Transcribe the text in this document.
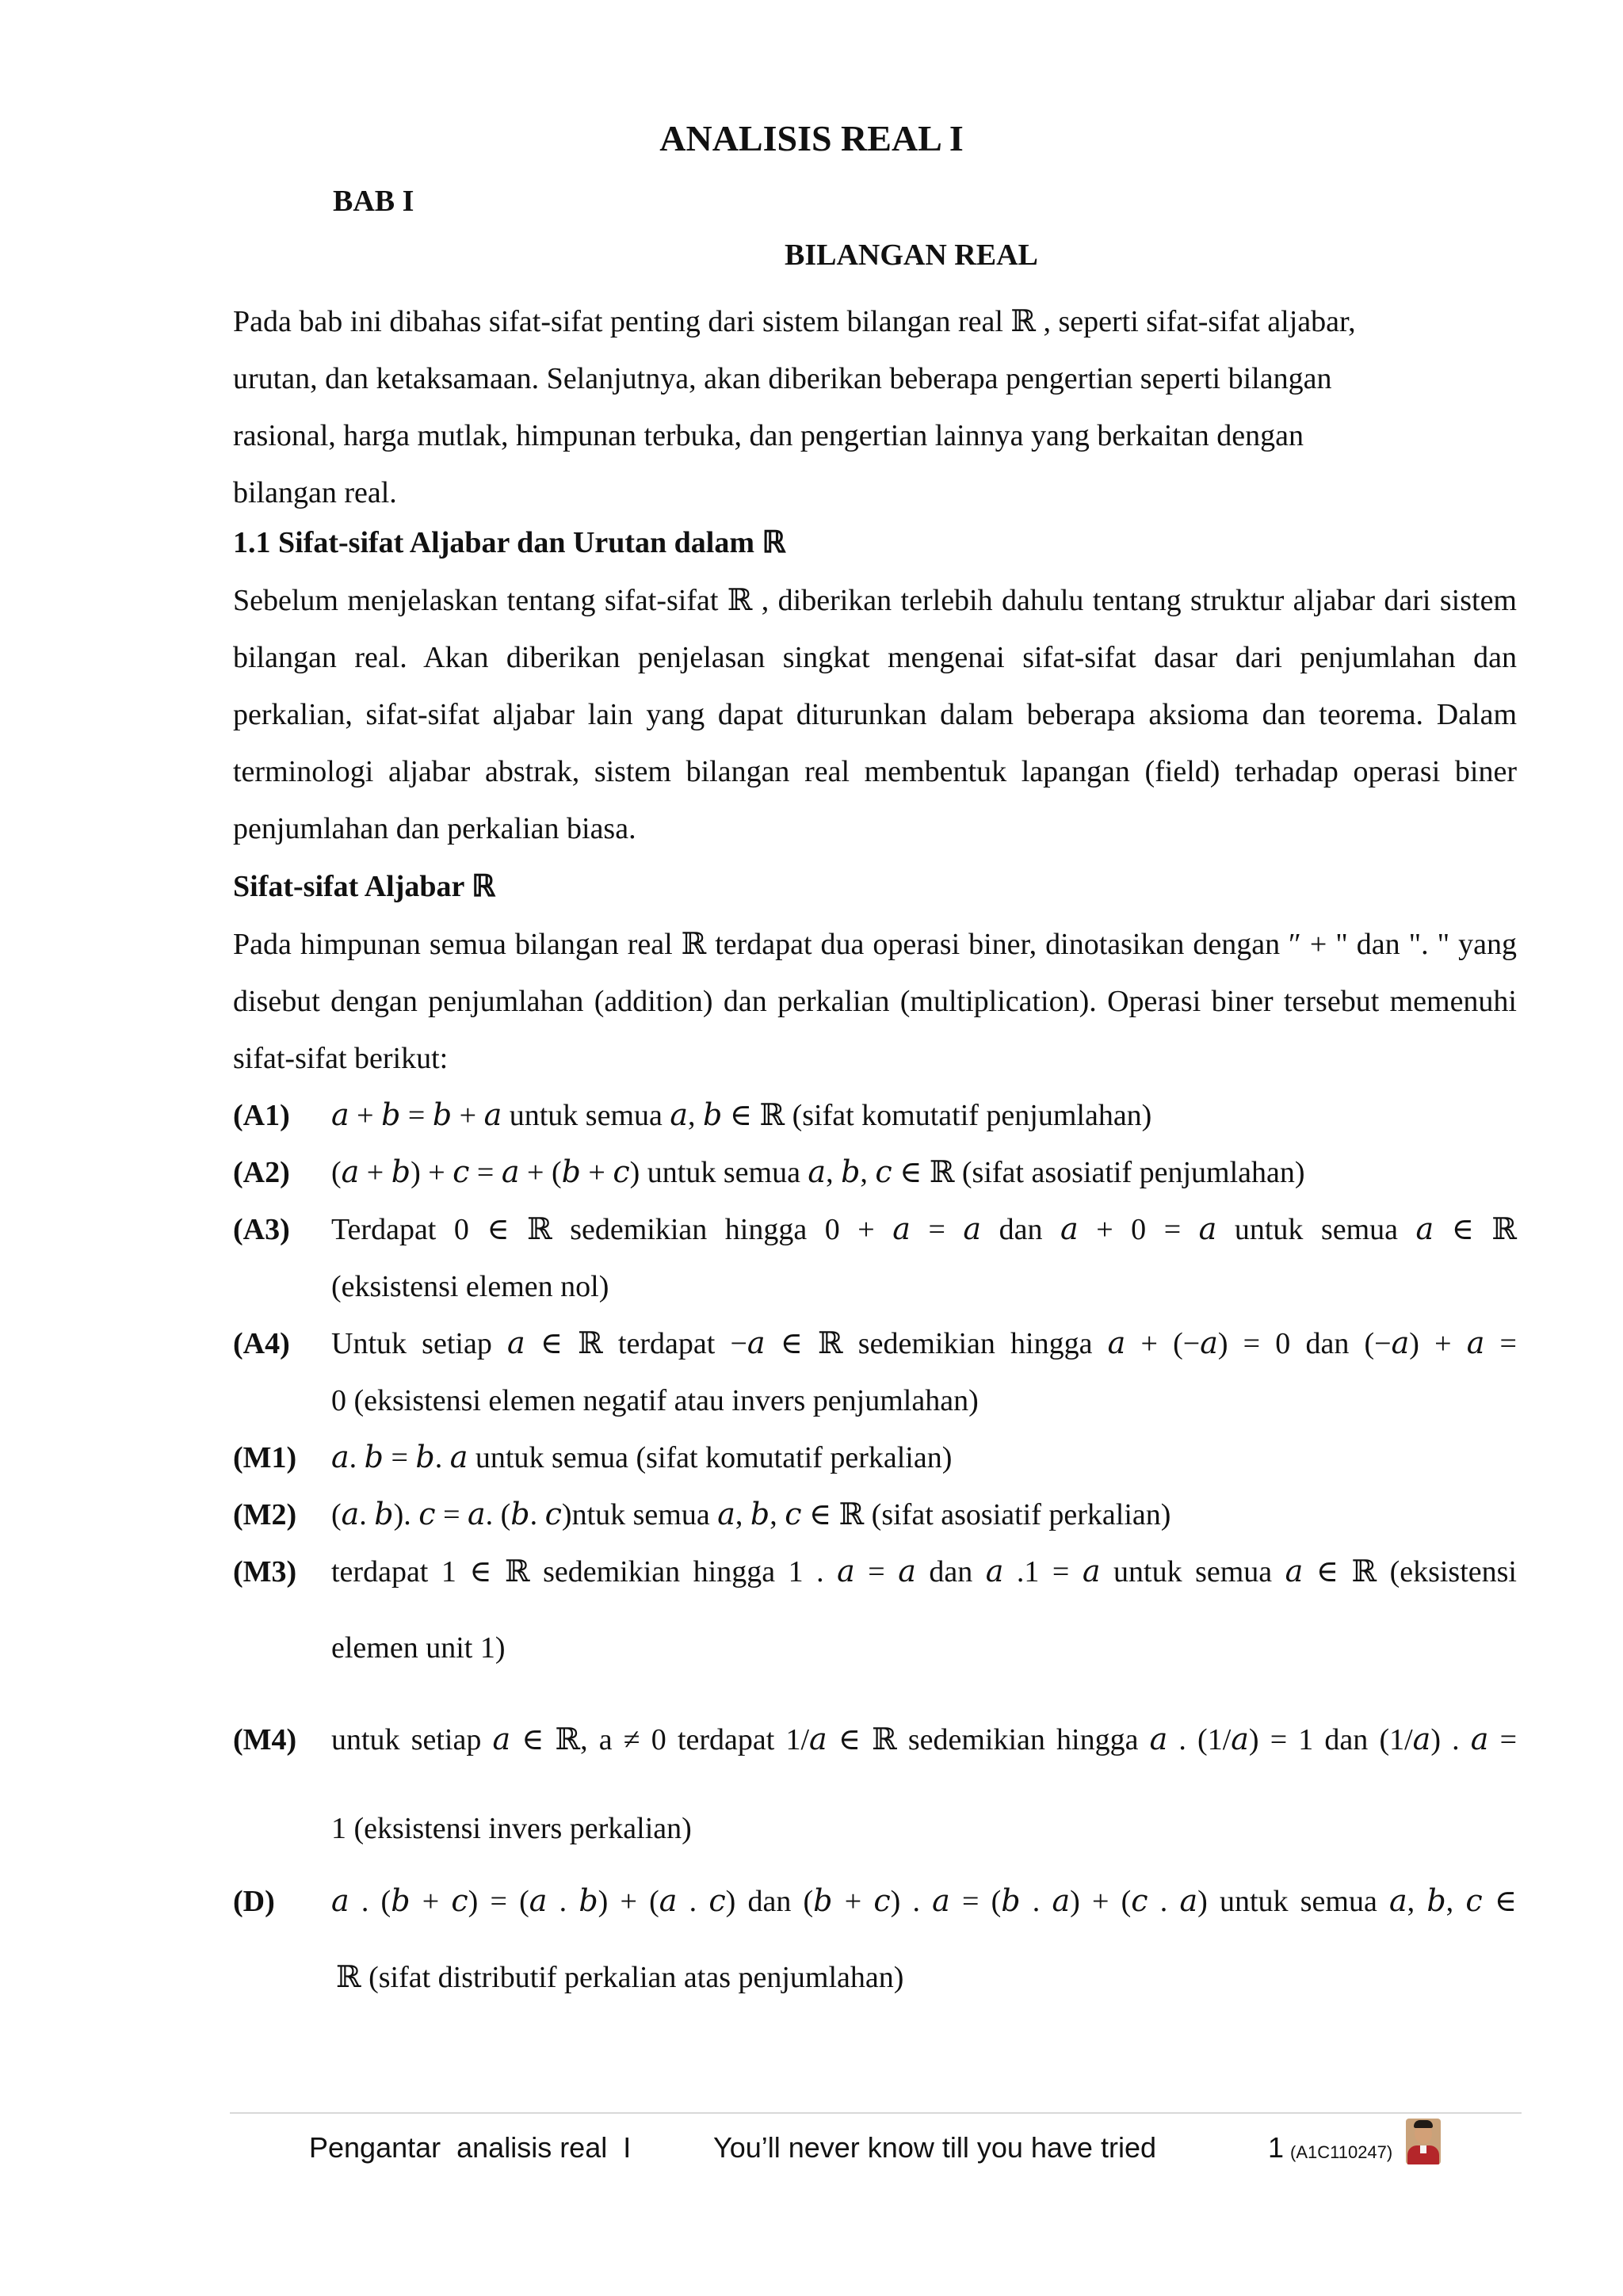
ANALISIS REAL I
BAB I
BILANGAN REAL
Pada bab ini dibahas sifat-sifat penting dari sistem bilangan real ℝ , seperti sifat-sifat aljabar,
urutan, dan ketaksamaan. Selanjutnya, akan diberikan beberapa pengertian seperti bilangan
rasional, harga mutlak, himpunan terbuka, dan pengertian lainnya yang berkaitan dengan
bilangan real.
1.1 Sifat-sifat Aljabar dan Urutan dalam ℝ
Sebelum menjelaskan tentang sifat-sifat ℝ , diberikan terlebih dahulu tentang struktur aljabar dari sistem bilangan real. Akan diberikan penjelasan singkat mengenai sifat-sifat dasar dari penjumlahan dan perkalian, sifat-sifat aljabar lain yang dapat diturunkan dalam beberapa aksioma dan teorema. Dalam terminologi aljabar abstrak, sistem bilangan real membentuk lapangan (field) terhadap operasi biner penjumlahan dan perkalian biasa.
Sifat-sifat Aljabar ℝ
Pada himpunan semua bilangan real ℝ terdapat dua operasi biner, dinotasikan dengan ″ + " dan ". " yang disebut dengan penjumlahan (addition) dan perkalian (multiplication). Operasi biner tersebut memenuhi sifat-sifat berikut:
(A1) 𝑎 + 𝑏 = 𝑏 + 𝑎 untuk semua 𝑎, 𝑏 ∈ ℝ (sifat komutatif penjumlahan)
(A2) (𝑎 + 𝑏) + 𝑐 = 𝑎 + (𝑏 + 𝑐) untuk semua 𝑎, 𝑏, 𝑐 ∈ ℝ (sifat asosiatif penjumlahan)
(A3) Terdapat 0 ∈ ℝ sedemikian hingga 0 + 𝑎 = 𝑎 dan 𝑎 + 0 = 𝑎 untuk semua 𝑎 ∈ ℝ
(eksistensi elemen nol)
(A4) Untuk setiap 𝑎 ∈ ℝ terdapat −𝑎 ∈ ℝ sedemikian hingga 𝑎 + (−𝑎) = 0 dan (−𝑎) + 𝑎 =
0 (eksistensi elemen negatif atau invers penjumlahan)
(M1) 𝑎. 𝑏 = 𝑏. 𝑎 untuk semua (sifat komutatif perkalian)
(M2) (𝑎. 𝑏). 𝑐 = 𝑎. (𝑏. 𝑐)ntuk semua 𝑎, 𝑏, 𝑐 ∈ ℝ (sifat asosiatif perkalian)
(M3) terdapat 1 ∈ ℝ sedemikian hingga 1 . 𝑎 = 𝑎 dan 𝑎 .1 = 𝑎 untuk semua 𝑎 ∈ ℝ (eksistensi
elemen unit 1)
(M4) untuk setiap 𝑎 ∈ ℝ, a ≠ 0 terdapat 1/𝑎 ∈ ℝ sedemikian hingga 𝑎 . (1/𝑎) = 1 dan (1/𝑎) . 𝑎 =
1 (eksistensi invers perkalian)
(D) 𝑎 . (𝑏 + 𝑐) = (𝑎 . 𝑏) + (𝑎 . 𝑐) dan (𝑏 + 𝑐) . 𝑎 = (𝑏 . 𝑎) + (𝑐 . 𝑎) untuk semua 𝑎, 𝑏, 𝑐 ∈
ℝ (sifat distributif perkalian atas penjumlahan)
Pengantar  analisis real  I	You’ll never know till you have tried	1 (A1C110247)
